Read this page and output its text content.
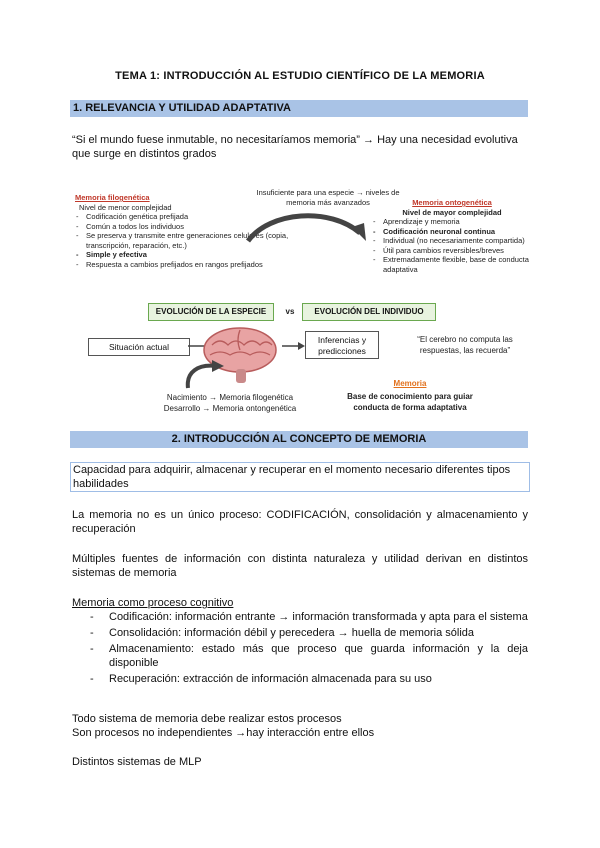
TEMA 1: INTRODUCCIÓN AL ESTUDIO CIENTÍFICO DE LA MEMORIA
1. RELEVANCIA Y UTILIDAD ADAPTATIVA
“Si el mundo fuese inmutable, no necesitaríamos memoria” → Hay una necesidad evolutiva que surge en distintos grados
Memoria filogenética
Nivel de menor complejidad
- Codificación genética prefijada
- Común a todos los individuos
- Se preserva y transmite entre generaciones celulares (copia, transcripción, reparación, etc.)
- Simple y efectiva
- Respuesta a cambios prefijados en rangos prefijados
Insuficiente para una especie → niveles de memoria más avanzados	Memoria ontogenética
Nivel de mayor complejidad
- Aprendizaje y memoria
- Codificación neuronal continua
- Individual (no necesariamente compartida)
- Útil para cambios reversibles/breves
- Extremadamente flexible, base de conducta adaptativa
EVOLUCIÓN DE LA ESPECIE	vs	EVOLUCIÓN DEL INDIVIDUO
Situación actual
Inferencias y predicciones
“El cerebro no computa las respuestas, las recuerda”
Nacimiento → Memoria filogenética
Desarrollo → Memoria ontongenética
Memoria
Base de conocimiento para guiar conducta de forma adaptativa
2. INTRODUCCIÓN AL CONCEPTO DE MEMORIA
Capacidad para adquirir, almacenar y recuperar en el momento necesario diferentes tipos habilidades
La memoria no es un único proceso: CODIFICACIÓN, consolidación y almacenamiento y recuperación
Múltiples fuentes de información con distinta naturaleza y utilidad derivan en distintos sistemas de memoria
Memoria como proceso cognitivo
- Codificación: información entrante → información transformada y apta para el sistema
- Consolidación: información débil y perecedera → huella de memoria sólida
- Almacenamiento: estado más que proceso que guarda información y la deja disponible
- Recuperación: extracción de información almacenada para su uso
Todo sistema de memoria debe realizar estos procesos
Son procesos no independientes →hay interacción entre ellos
Distintos sistemas de MLP
